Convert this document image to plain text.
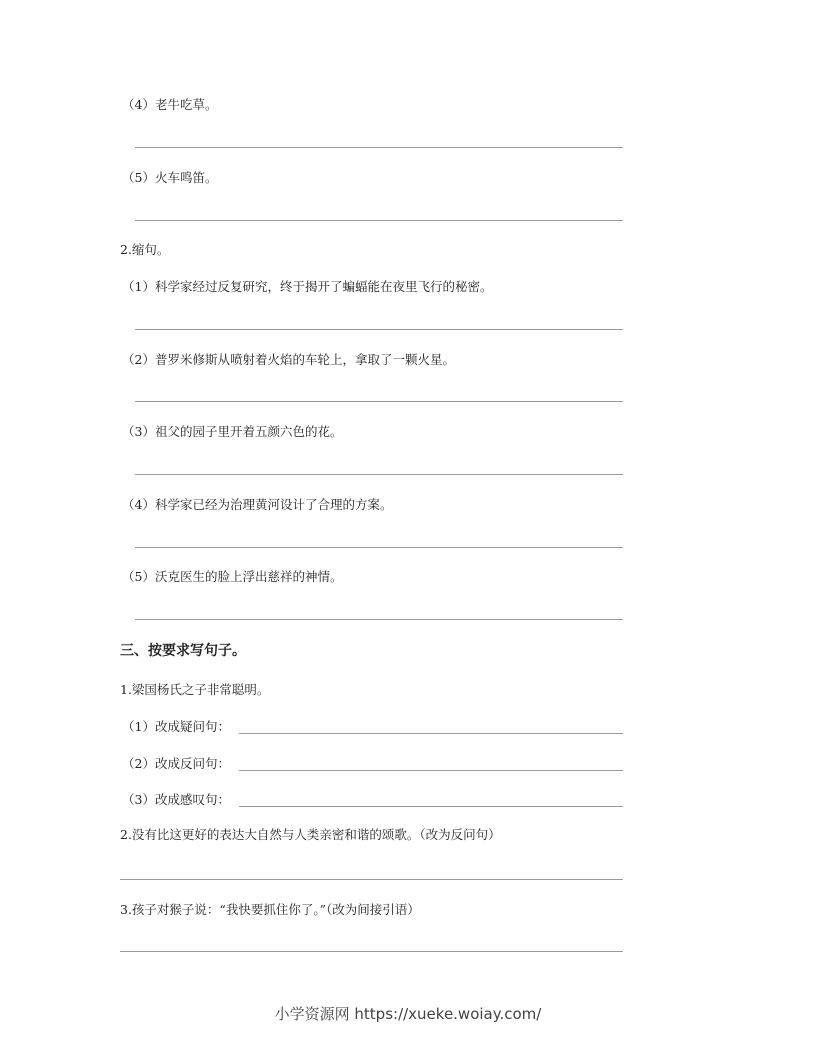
（4）老牛吃草。
（5）火车鸣笛。
2.缩句。
（1）科学家经过反复研究，终于揭开了蝙蝠能在夜里飞行的秘密。
（2）普罗米修斯从喷射着火焰的车轮上，拿取了一颗火星。
（3）祖父的园子里开着五颜六色的花。
（4）科学家已经为治理黄河设计了合理的方案。
（5）沃克医生的脸上浮出慈祥的神情。
三、按要求写句子。
1.梁国杨氏之子非常聪明。
（1）改成疑问句：
（2）改成反问句：
（3）改成感叹句：
2.没有比这更好的表达大自然与人类亲密和谐的颂歌。（改为反问句）
3.孩子对猴子说：“我快要抓住你了。”（改为间接引语）
小学资源网 https://xueke.woiay.com/
